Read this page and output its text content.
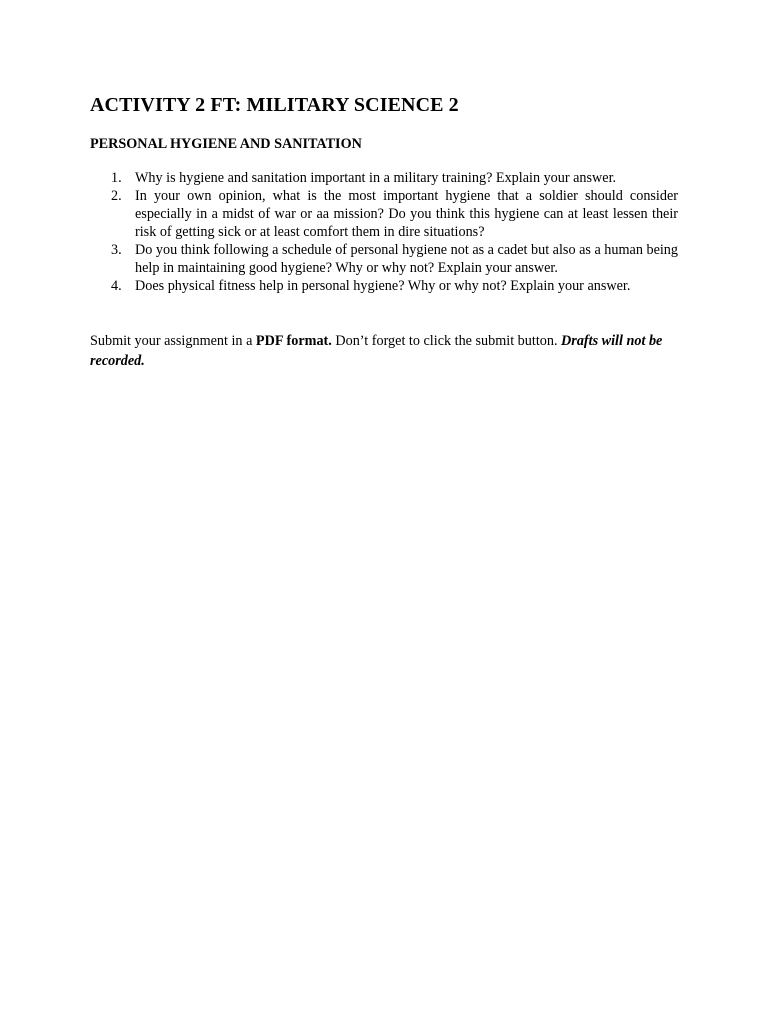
ACTIVITY 2 FT: MILITARY SCIENCE 2
PERSONAL HYGIENE AND SANITATION
1. Why is hygiene and sanitation important in a military training? Explain your answer.
2. In your own opinion, what is the most important hygiene that a soldier should consider especially in a midst of war or aa mission? Do you think this hygiene can at least lessen their risk of getting sick or at least comfort them in dire situations?
3. Do you think following a schedule of personal hygiene not as a cadet but also as a human being help in maintaining good hygiene? Why or why not? Explain your answer.
4. Does physical fitness help in personal hygiene? Why or why not? Explain your answer.

Submit your assignment in a PDF format. Don’t forget to click the submit button. Drafts will not be recorded.
